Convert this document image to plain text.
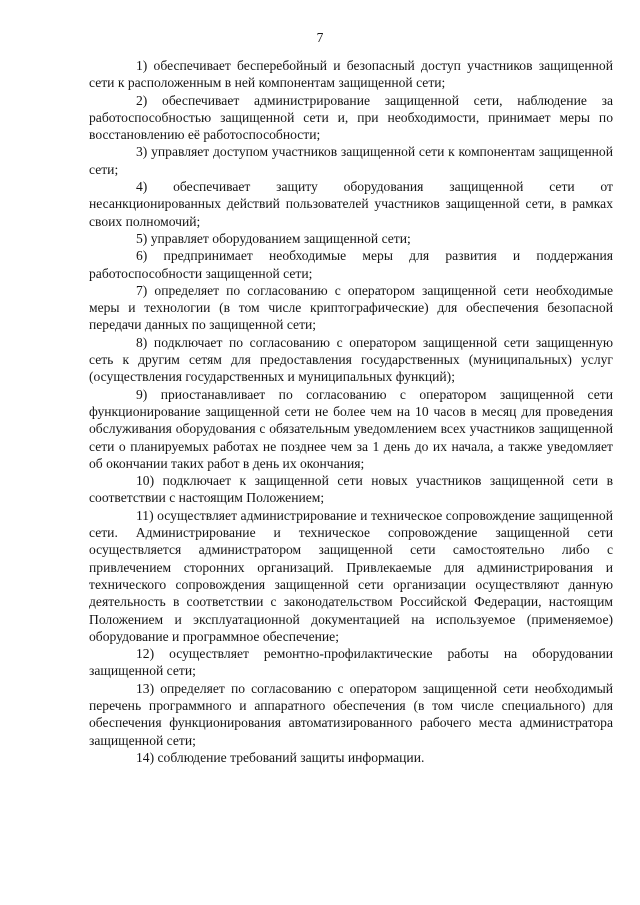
7

1) обеспечивает бесперебойный и безопасный доступ участников защищенной сети к расположенным в ней компонентам защищенной сети;

2) обеспечивает администрирование защищенной сети, наблюдение за работоспособностью защищенной сети и, при необходимости, принимает меры по восстановлению её работоспособности;

3) управляет доступом участников защищенной сети к компонентам защищенной сети;

4) обеспечивает защиту оборудования защищенной сети от несанкционированных действий пользователей участников защищенной сети, в рамках своих полномочий;

5) управляет оборудованием защищенной сети;

6) предпринимает необходимые меры для развития и поддержания работоспособности защищенной сети;

7) определяет по согласованию с оператором защищенной сети необходимые меры и технологии (в том числе криптографические) для обеспечения безопасной передачи данных по защищенной сети;

8) подключает по согласованию с оператором защищенной сети защищенную сеть к другим сетям для предоставления государственных (муниципальных) услуг (осуществления государственных и муниципальных функций);

9) приостанавливает по согласованию с оператором защищенной сети функционирование защищенной сети не более чем на 10 часов в месяц для проведения обслуживания оборудования с обязательным уведомлением всех участников защищенной сети о планируемых работах не позднее чем за 1 день до их начала, а также уведомляет об окончании таких работ в день их окончания;

10) подключает к защищенной сети новых участников защищенной сети в соответствии с настоящим Положением;

11) осуществляет администрирование и техническое сопровождение защищенной сети. Администрирование и техническое сопровождение защищенной сети осуществляется администратором защищенной сети самостоятельно либо с привлечением сторонних организаций. Привлекаемые для администрирования и технического сопровождения защищенной сети организации осуществляют данную деятельность в соответствии с законодательством Российской Федерации, настоящим Положением и эксплуатационной документацией на используемое (применяемое) оборудование и программное обеспечение;

12) осуществляет ремонтно-профилактические работы на оборудовании защищенной сети;

13) определяет по согласованию с оператором защищенной сети необходимый перечень программного и аппаратного обеспечения (в том числе специального) для обеспечения функционирования автоматизированного рабочего места администратора защищенной сети;

14) соблюдение требований защиты информации.
